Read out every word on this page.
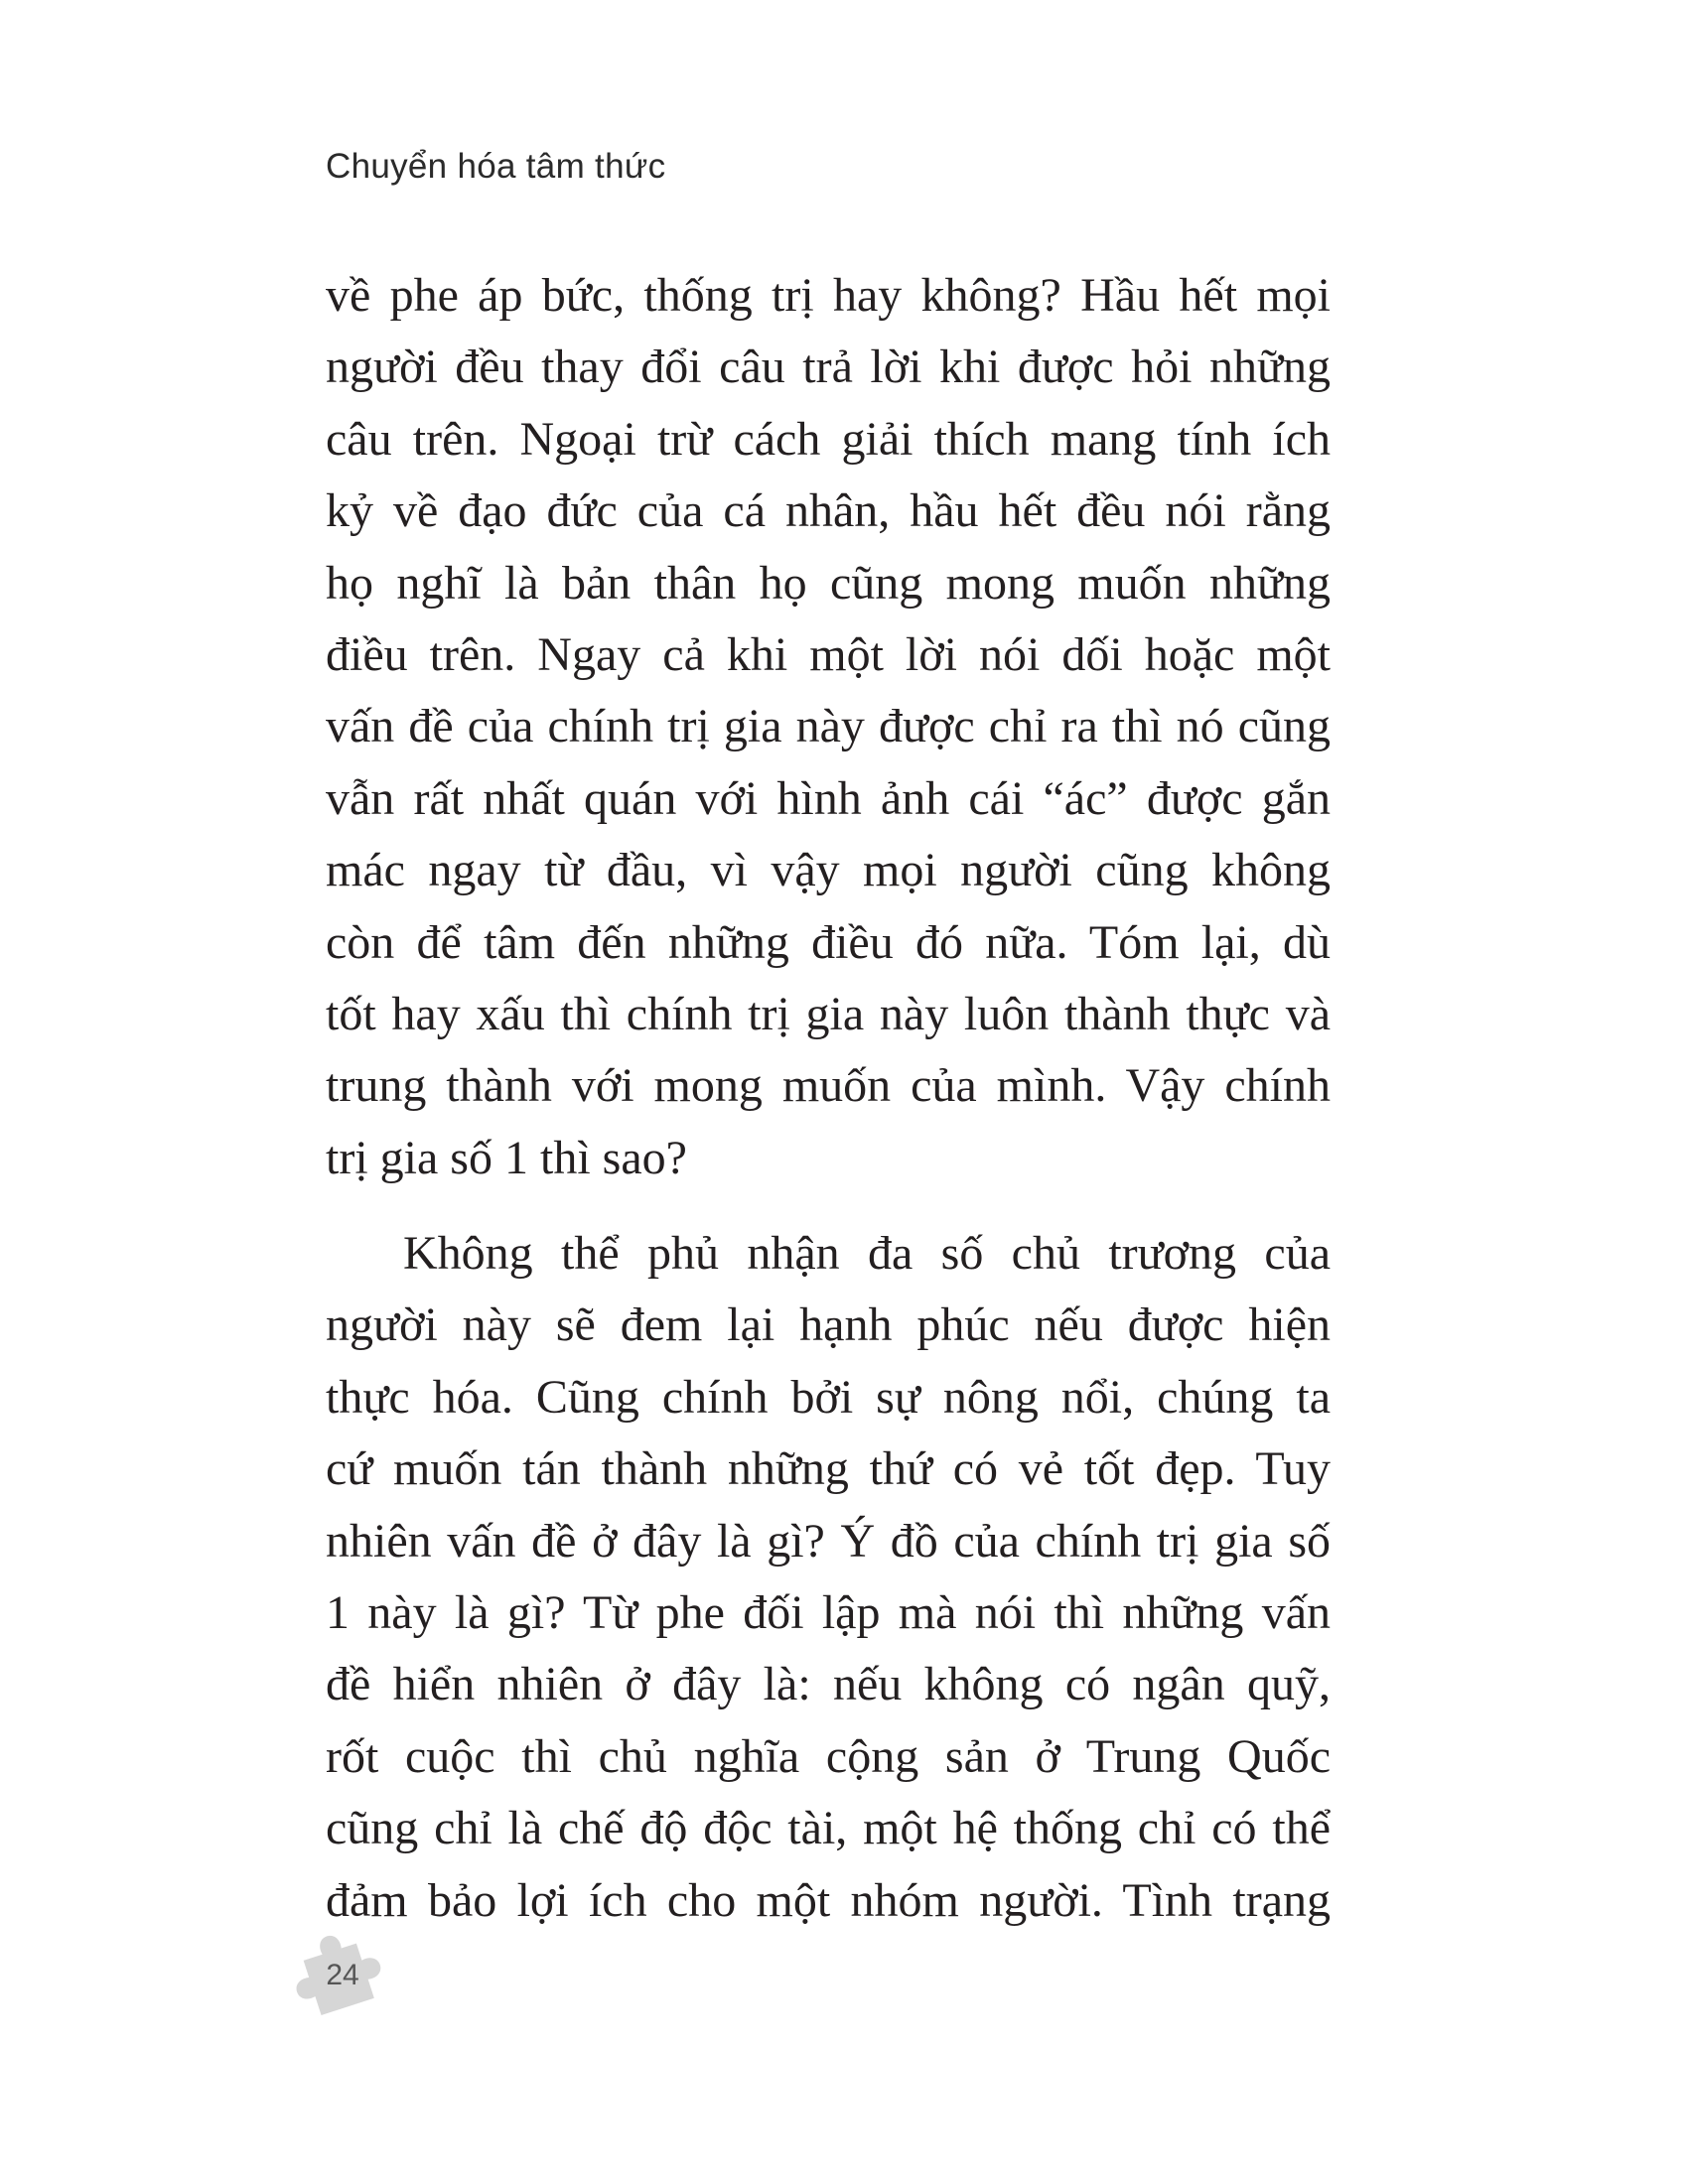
Chuyển hóa tâm thức
về phe áp bức, thống trị hay không? Hầu hết mọi
người đều thay đổi câu trả lời khi được hỏi những
câu trên. Ngoại trừ cách giải thích mang tính ích
kỷ về đạo đức của cá nhân, hầu hết đều nói rằng
họ nghĩ là bản thân họ cũng mong muốn những
điều trên. Ngay cả khi một lời nói dối hoặc một
vấn đề của chính trị gia này được chỉ ra thì nó cũng
vẫn rất nhất quán với hình ảnh cái “ác” được gắn
mác ngay từ đầu, vì vậy mọi người cũng không
còn để tâm đến những điều đó nữa. Tóm lại, dù
tốt hay xấu thì chính trị gia này luôn thành thực và
trung thành với mong muốn của mình. Vậy chính
trị gia số 1 thì sao?
Không thể phủ nhận đa số chủ trương của
người này sẽ đem lại hạnh phúc nếu được hiện
thực hóa. Cũng chính bởi sự nông nổi, chúng ta
cứ muốn tán thành những thứ có vẻ tốt đẹp. Tuy
nhiên vấn đề ở đây là gì? Ý đồ của chính trị gia số
1 này là gì? Từ phe đối lập mà nói thì những vấn
đề hiển nhiên ở đây là: nếu không có ngân quỹ,
rốt cuộc thì chủ nghĩa cộng sản ở Trung Quốc
cũng chỉ là chế độ độc tài, một hệ thống chỉ có thể
đảm bảo lợi ích cho một nhóm người. Tình trạng
24
